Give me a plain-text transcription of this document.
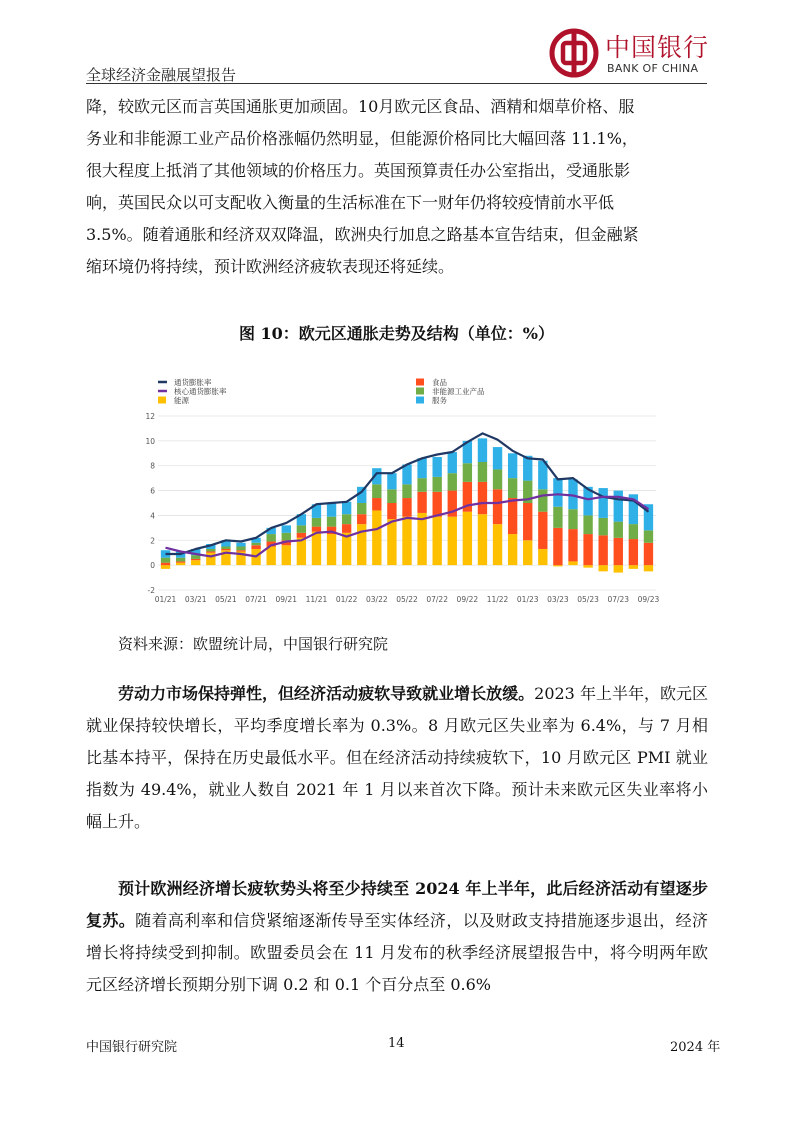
全球经济金融展望报告
中国银行
BANK OF CHINA
降，较欧元区而言英国通胀更加顽固。10月欧元区食品、酒精和烟草价格、服
务业和非能源工业产品价格涨幅仍然明显，但能源价格同比大幅回落 11.1%，
很大程度上抵消了其他领域的价格压力。英国预算责任办公室指出，受通胀影
响，英国民众以可支配收入衡量的生活标准在下一财年仍将较疫情前水平低
3.5%。随着通胀和经济双双降温，欧洲央行加息之路基本宣告结束，但金融紧
缩环境仍将持续，预计欧洲经济疲软表现还将延续。
图 10：欧元区通胀走势及结构（单位：%）
通货膨胀率
核心通货膨胀率
能源
食品
非能源工业产品
服务
12
10
8
6
4
2
0
-2
01/21 03/21 05/21 07/21 09/21 11/21 01/22 03/22 05/22 07/22 09/22 11/22 01/23 03/23 05/23 07/23 09/23
资料来源：欧盟统计局，中国银行研究院
劳动力市场保持弹性，但经济活动疲软导致就业增长放缓。2023 年上半年，欧元区就业保持较快增长，平均季度增长率为 0.3%。8 月欧元区失业率为 6.4%，与 7 月相比基本持平，保持在历史最低水平。但在经济活动持续疲软下，10 月欧元区 PMI 就业指数为 49.4%，就业人数自 2021 年 1 月以来首次下降。预计未来欧元区失业率将小幅上升。
预计欧洲经济增长疲软势头将至少持续至 2024 年上半年，此后经济活动有望逐步复苏。随着高利率和信贷紧缩逐渐传导至实体经济，以及财政支持措施逐步退出，经济增长将持续受到抑制。欧盟委员会在 11 月发布的秋季经济展望报告中，将今明两年欧元区经济增长预期分别下调 0.2 和 0.1 个百分点至 0.6%
中国银行研究院	14	2024 年
